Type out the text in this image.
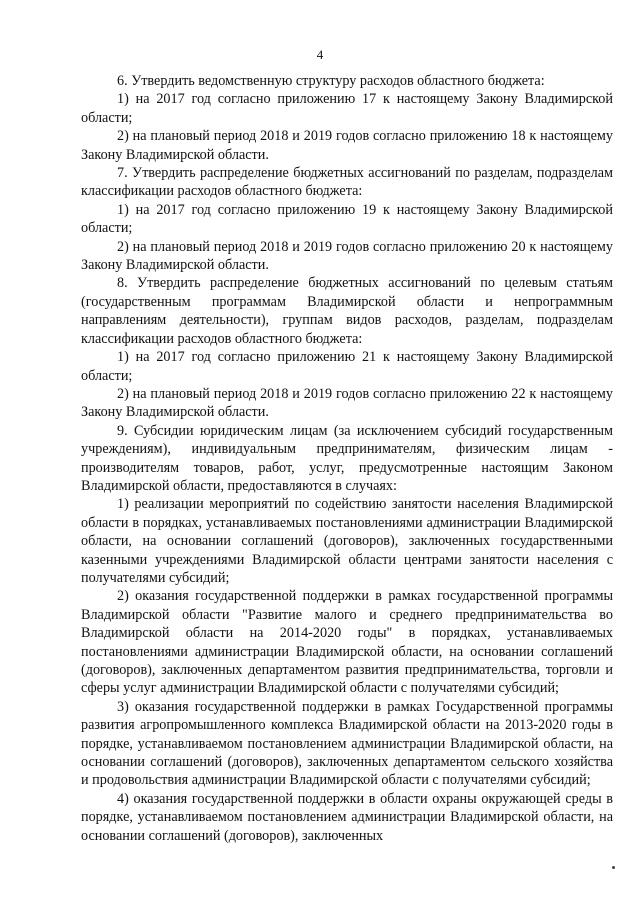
4

6. Утвердить ведомственную структуру расходов областного бюджета:

1) на 2017 год согласно приложению 17 к настоящему Закону Владимирской области;

2) на плановый период 2018 и 2019 годов согласно приложению 18 к настоящему Закону Владимирской области.

7. Утвердить распределение бюджетных ассигнований по разделам, подразделам классификации расходов областного бюджета:

1) на 2017 год согласно приложению 19 к настоящему Закону Владимирской области;

2) на плановый период 2018 и 2019 годов согласно приложению 20 к настоящему Закону Владимирской области.

8. Утвердить распределение бюджетных ассигнований по целевым статьям (государственным программам Владимирской области и непрограммным направлениям деятельности), группам видов расходов, разделам, подразделам классификации расходов областного бюджета:

1) на 2017 год согласно приложению 21 к настоящему Закону Владимирской области;

2) на плановый период 2018 и 2019 годов согласно приложению 22 к настоящему Закону Владимирской области.

9. Субсидии юридическим лицам (за исключением субсидий государственным учреждениям), индивидуальным предпринимателям, физическим лицам - производителям товаров, работ, услуг, предусмотренные настоящим Законом Владимирской области, предоставляются в случаях:

1) реализации мероприятий по содействию занятости населения Владимирской области в порядках, устанавливаемых постановлениями администрации Владимирской области, на основании соглашений (договоров), заключенных государственными казенными учреждениями Владимирской области центрами занятости населения с получателями субсидий;

2) оказания государственной поддержки в рамках государственной программы Владимирской области "Развитие малого и среднего предпринимательства во Владимирской области на 2014-2020 годы" в порядках, устанавливаемых постановлениями администрации Владимирской области, на основании соглашений (договоров), заключенных департаментом развития предпринимательства, торговли и сферы услуг администрации Владимирской области с получателями субсидий;

3) оказания государственной поддержки в рамках Государственной программы развития агропромышленного комплекса Владимирской области на 2013-2020 годы в порядке, устанавливаемом постановлением администрации Владимирской области, на основании соглашений (договоров), заключенных департаментом сельского хозяйства и продовольствия администрации Владимирской области с получателями субсидий;

4) оказания государственной поддержки в области охраны окружающей среды в порядке, устанавливаемом постановлением администрации Владимирской области, на основании соглашений (договоров), заключенных
